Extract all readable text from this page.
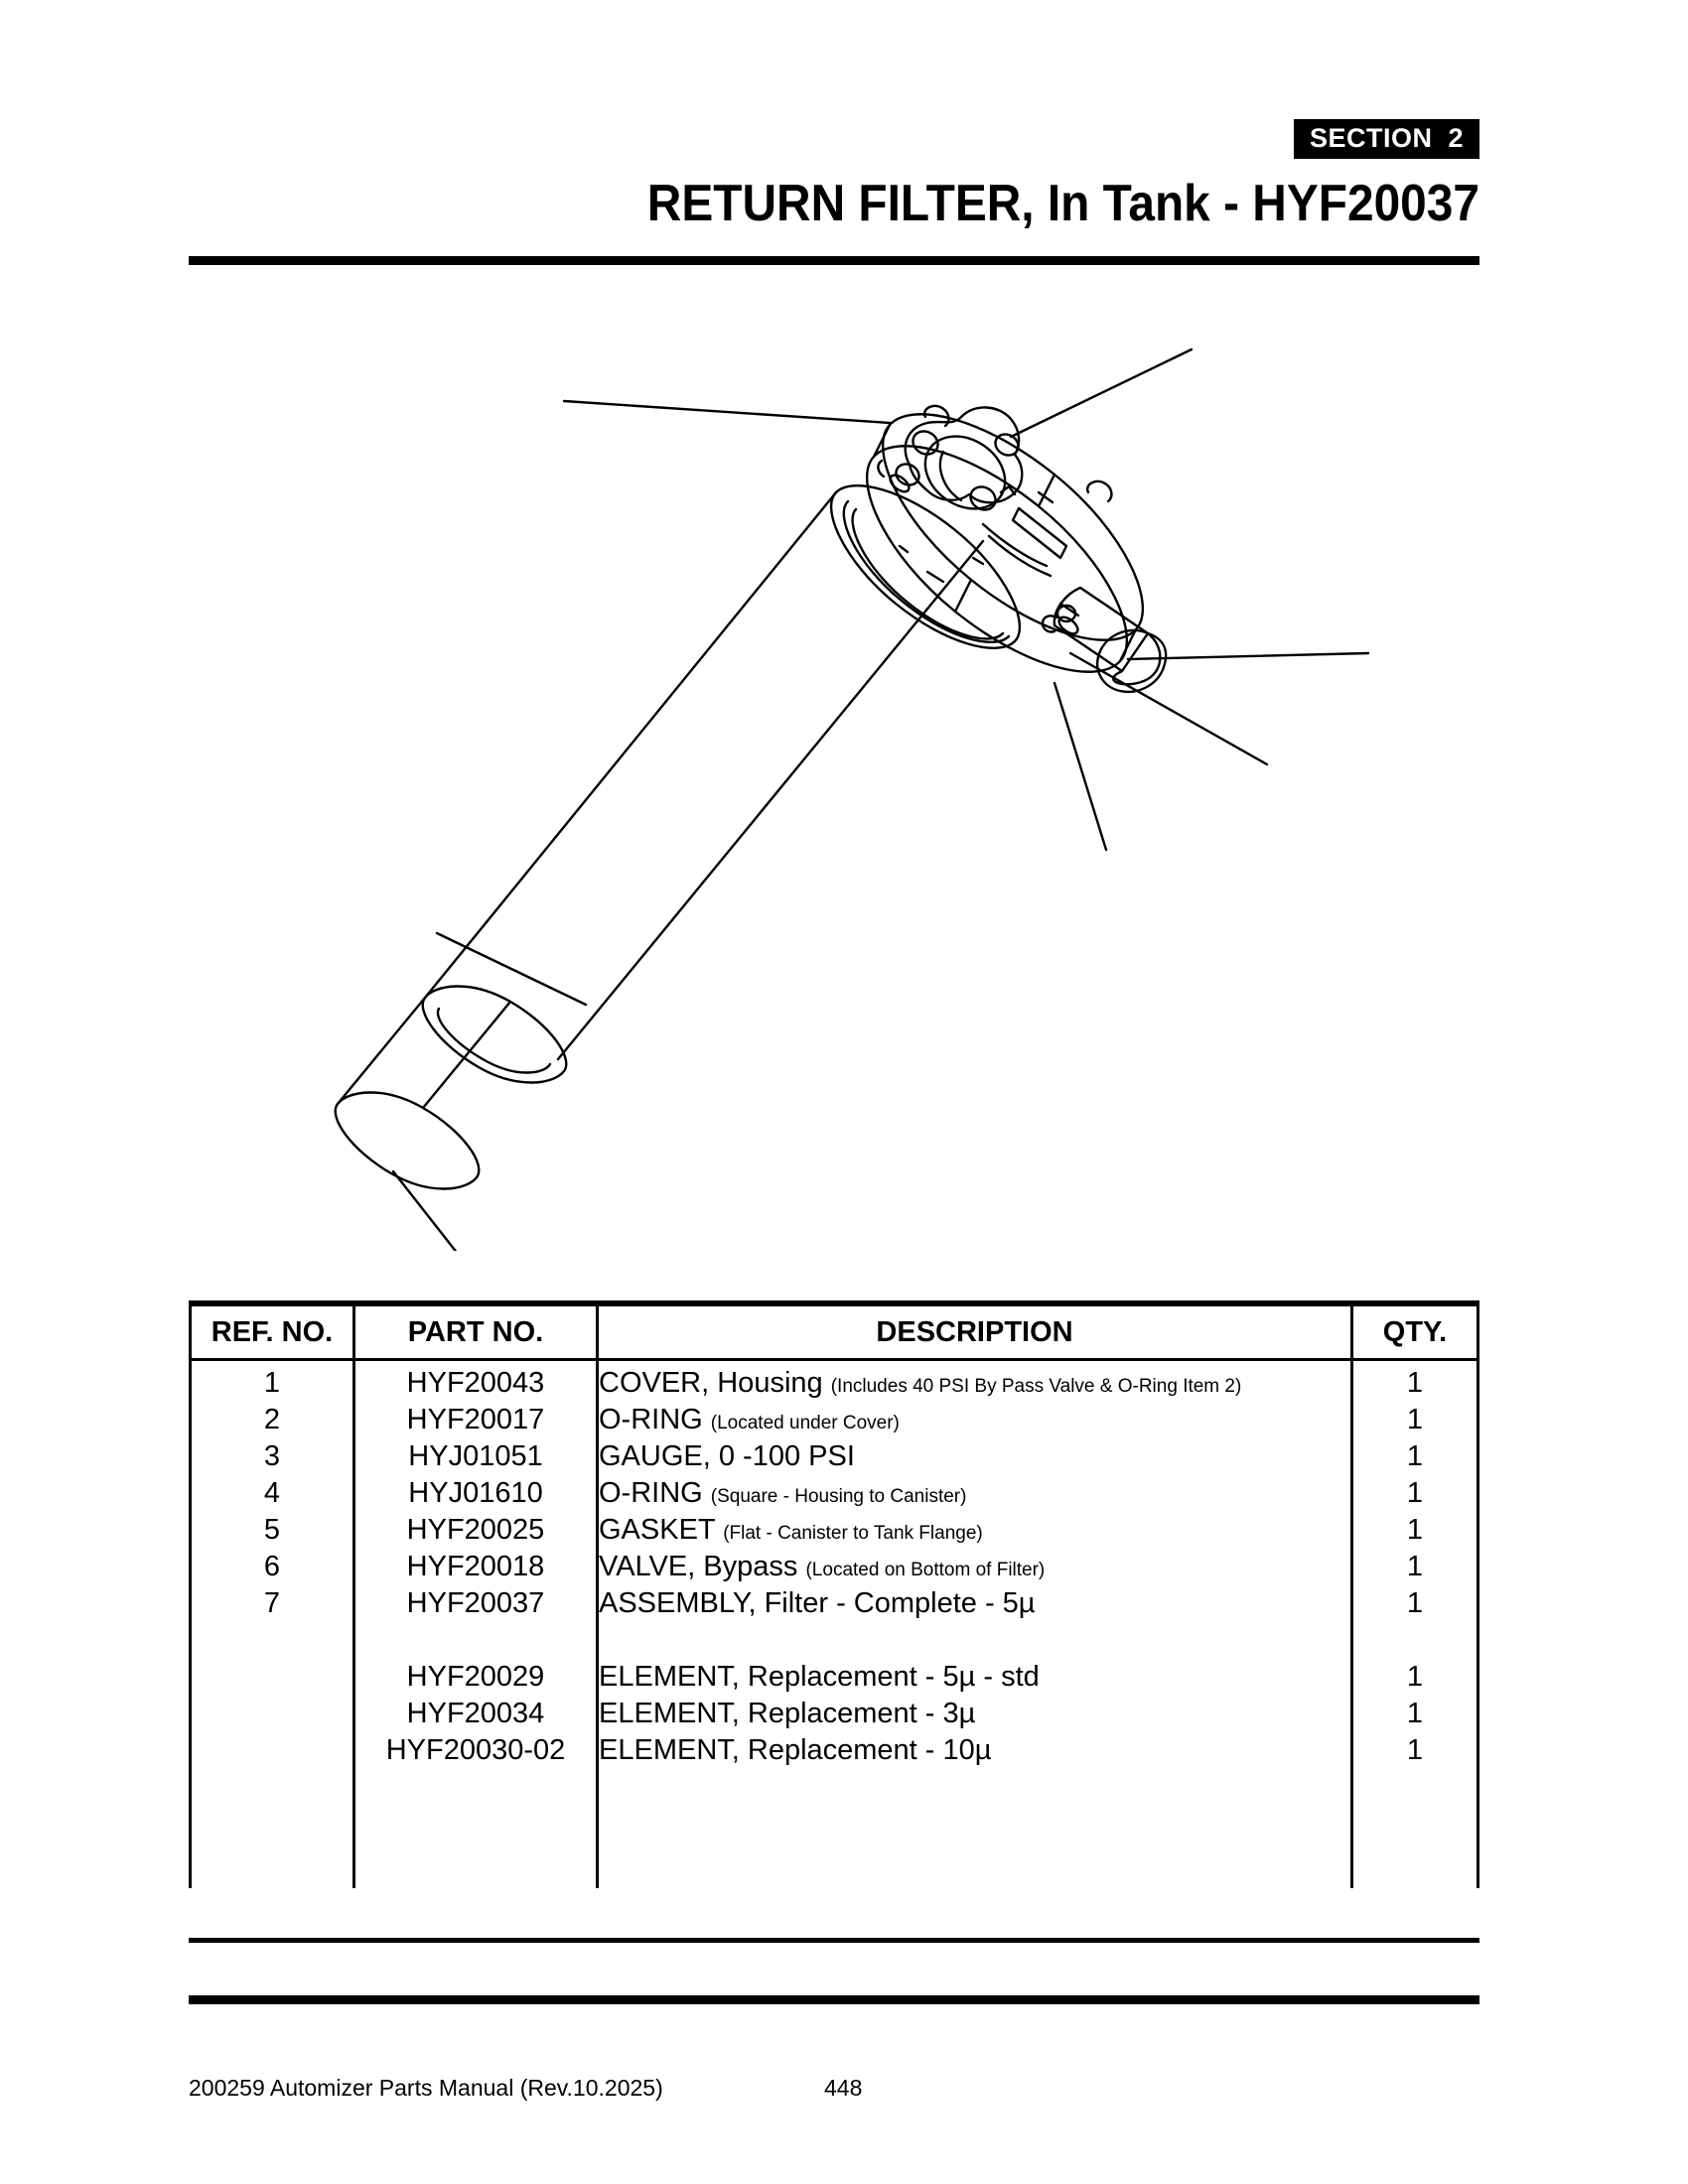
SECTION 2
RETURN FILTER, In Tank - HYF20037
REF. NO.	PART NO.	DESCRIPTION	QTY.

1	HYF20043	COVER, Housing (Includes 40 PSI By Pass Valve & O-Ring Item 2)	1
2	HYF20017	O-RING (Located under Cover)	1
3	HYJ01051	GAUGE, 0 -100 PSI	1
4	HYJ01610	O-RING (Square - Housing to Canister)	1
5	HYF20025	GASKET (Flat - Canister to Tank Flange)	1
6	HYF20018	VALVE, Bypass (Located on Bottom of Filter)	1
7	HYF20037	ASSEMBLY, Filter - Complete - 5µ	1

	HYF20029	ELEMENT, Replacement - 5µ - std	1
	HYF20034	ELEMENT, Replacement - 3µ	1
	HYF20030-02	ELEMENT, Replacement - 10µ	1

200259 Automizer Parts Manual (Rev.10.2025)	448
